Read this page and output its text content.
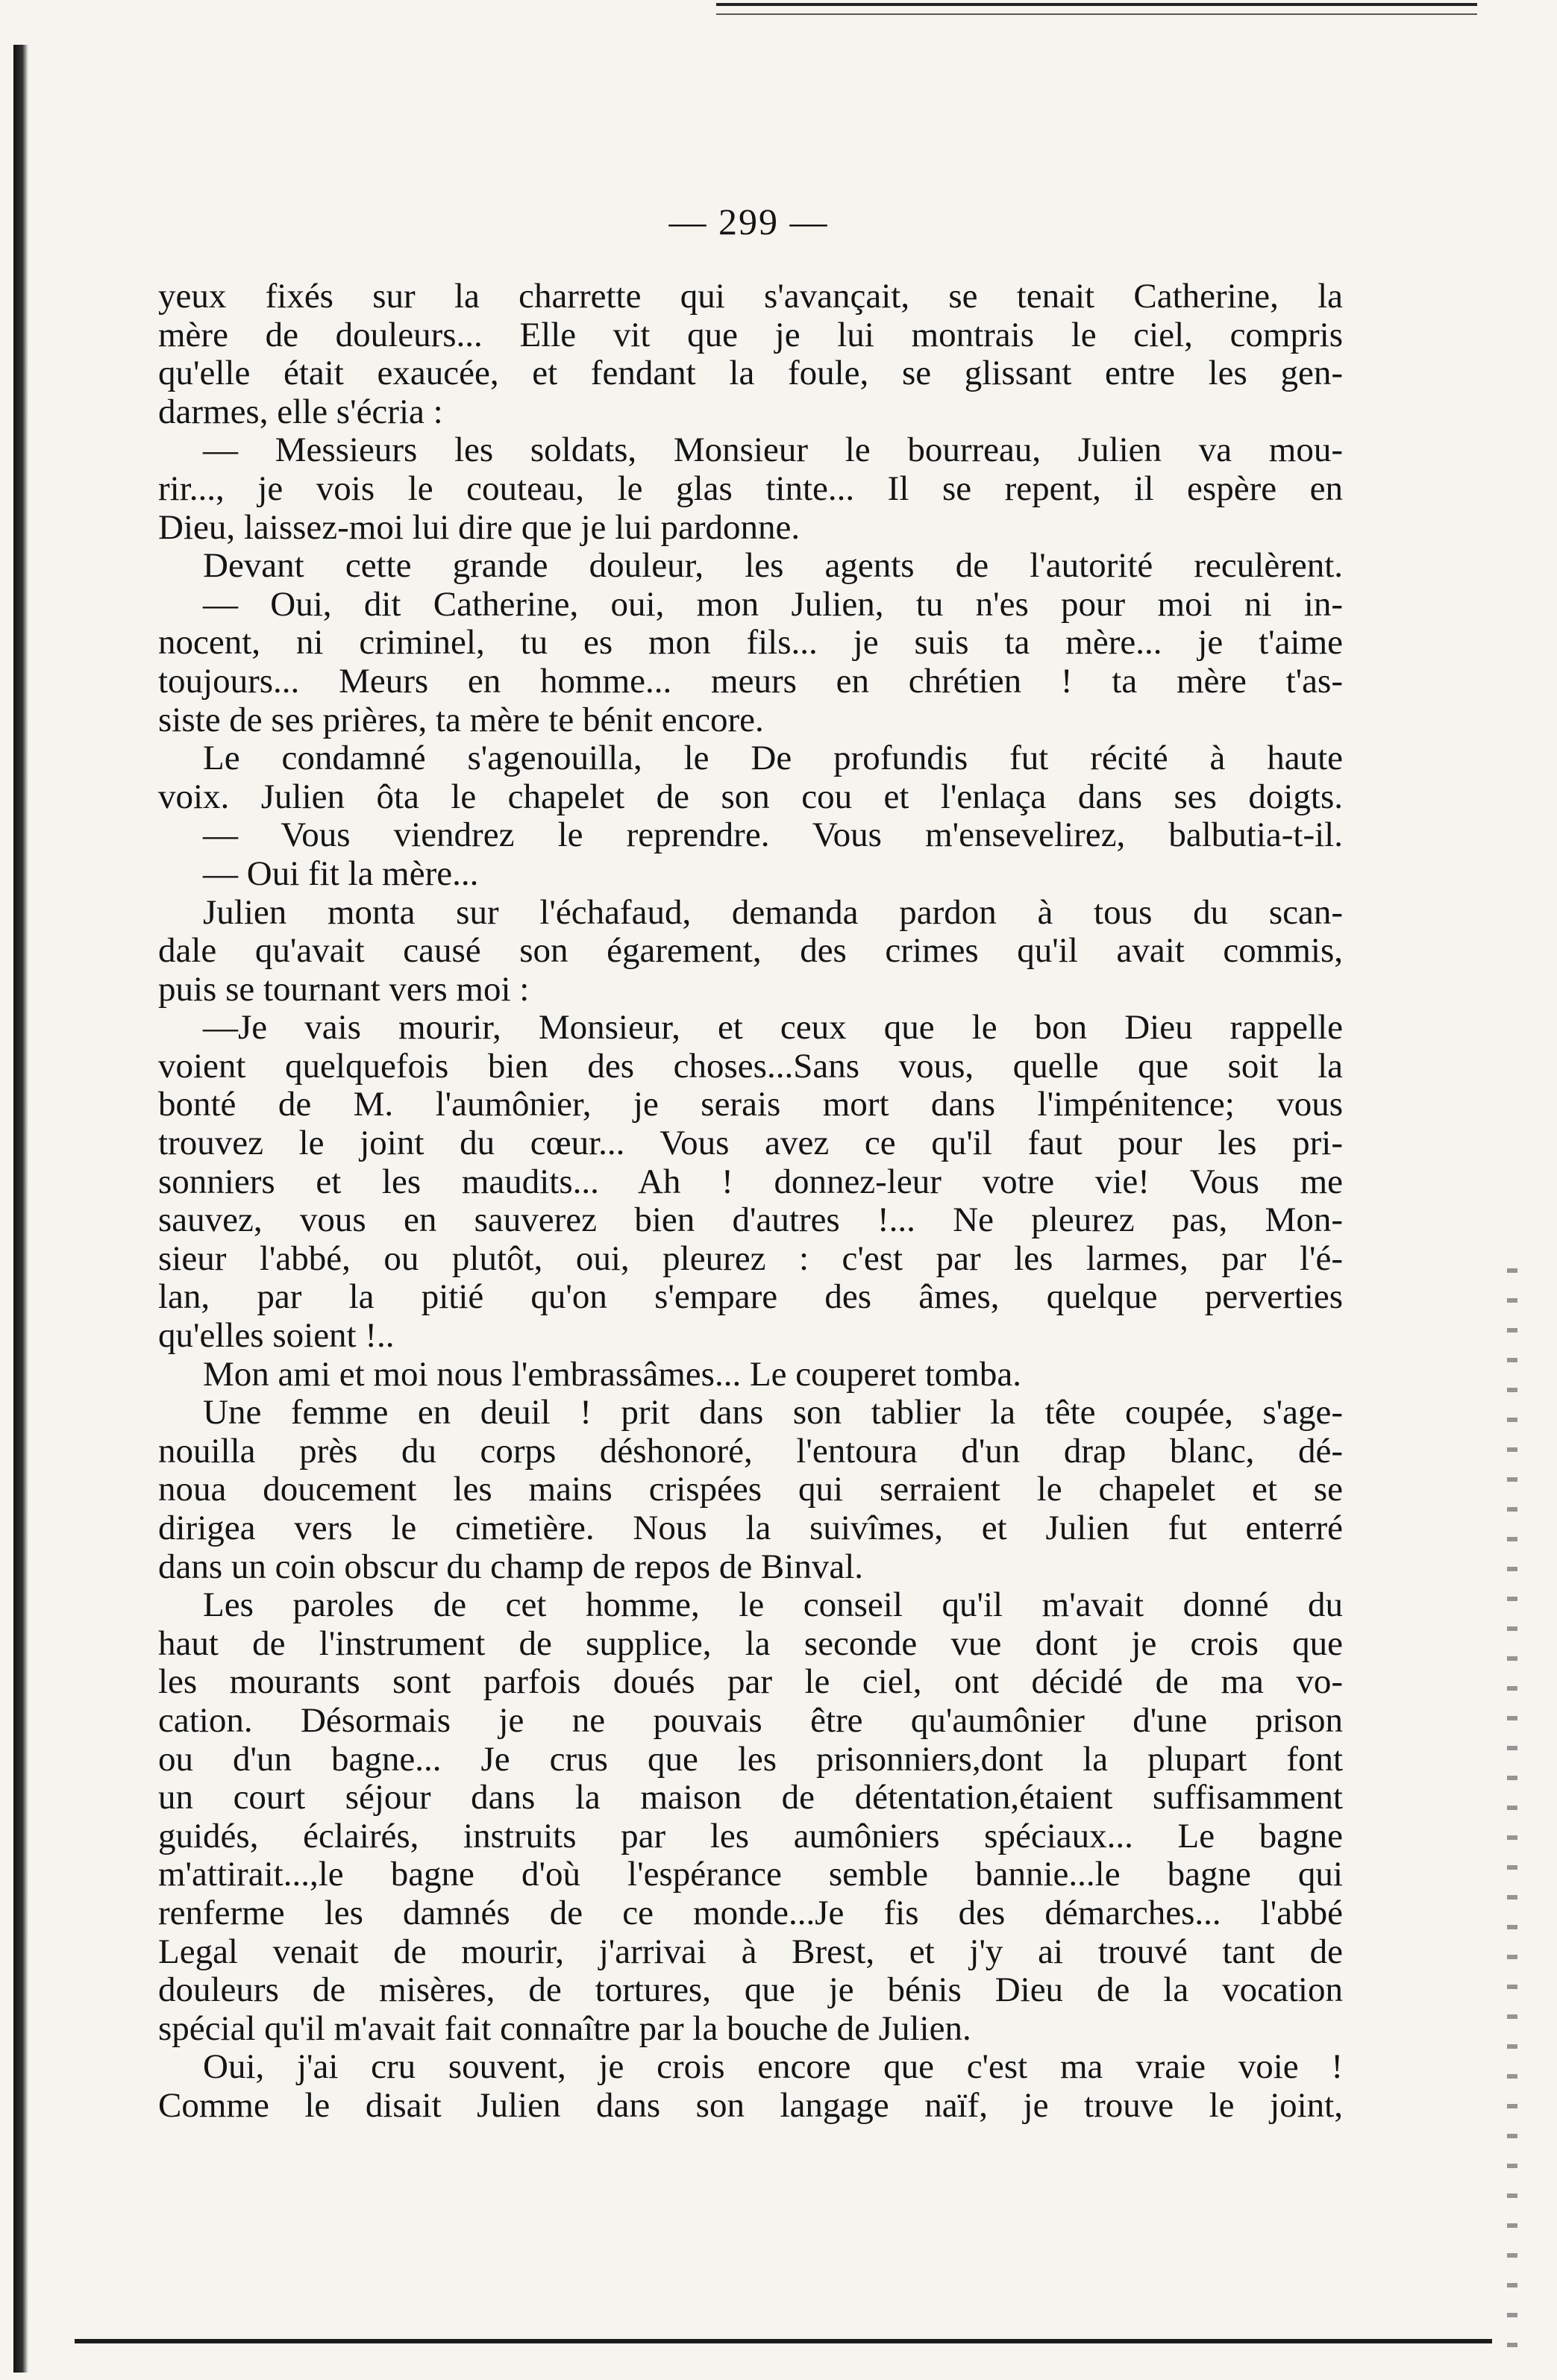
— 299 —
yeux fixés sur la charrette qui s'avançait, se tenait Catherine, la
mère de douleurs... Elle vit que je lui montrais le ciel, compris
qu'elle était exaucée, et fendant la foule, se glissant entre les gen-
darmes, elle s'écria :
— Messieurs les soldats, Monsieur le bourreau, Julien va mou-
rir..., je vois le couteau, le glas tinte... Il se repent, il espère en
Dieu, laissez-moi lui dire que je lui pardonne.
Devant cette grande douleur, les agents de l'autorité reculèrent.
— Oui, dit Catherine, oui, mon Julien, tu n'es pour moi ni in-
nocent, ni criminel, tu es mon fils... je suis ta mère... je t'aime
toujours... Meurs en homme... meurs en chrétien ! ta mère t'as-
siste de ses prières, ta mère te bénit encore.
Le condamné s'agenouilla, le De profundis fut récité à haute
voix. Julien ôta le chapelet de son cou et l'enlaça dans ses doigts.
— Vous viendrez le reprendre. Vous m'ensevelirez, balbutia-t-il.
— Oui fit la mère...
Julien monta sur l'échafaud, demanda pardon à tous du scan-
dale qu'avait causé son égarement, des crimes qu'il avait commis,
puis se tournant vers moi :
—Je vais mourir, Monsieur, et ceux que le bon Dieu rappelle
voient quelquefois bien des choses...Sans vous, quelle que soit la
bonté de M. l'aumônier, je serais mort dans l'impénitence; vous
trouvez le joint du cœur... Vous avez ce qu'il faut pour les pri-
sonniers et les maudits... Ah ! donnez-leur votre vie! Vous me
sauvez, vous en sauverez bien d'autres !... Ne pleurez pas, Mon-
sieur l'abbé, ou plutôt, oui, pleurez : c'est par les larmes, par l'é-
lan, par la pitié qu'on s'empare des âmes, quelque perverties
qu'elles soient !..
Mon ami et moi nous l'embrassâmes... Le couperet tomba.
Une femme en deuil ! prit dans son tablier la tête coupée, s'age-
nouilla près du corps déshonoré, l'entoura d'un drap blanc, dé-
noua doucement les mains crispées qui serraient le chapelet et se
dirigea vers le cimetière. Nous la suivîmes, et Julien fut enterré
dans un coin obscur du champ de repos de Binval.
Les paroles de cet homme, le conseil qu'il m'avait donné du
haut de l'instrument de supplice, la seconde vue dont je crois que
les mourants sont parfois doués par le ciel, ont décidé de ma vo-
cation. Désormais je ne pouvais être qu'aumônier d'une prison
ou d'un bagne... Je crus que les prisonniers,dont la plupart font
un court séjour dans la maison de détentation,étaient suffisamment
guidés, éclairés, instruits par les aumôniers spéciaux... Le bagne
m'attirait...,le bagne d'où l'espérance semble bannie...le bagne qui
renferme les damnés de ce monde...Je fis des démarches... l'abbé
Legal venait de mourir, j'arrivai à Brest, et j'y ai trouvé tant de
douleurs de misères, de tortures, que je bénis Dieu de la vocation
spécial qu'il m'avait fait connaître par la bouche de Julien.
Oui, j'ai cru souvent, je crois encore que c'est ma vraie voie !
Comme le disait Julien dans son langage naïf, je trouve le joint,
